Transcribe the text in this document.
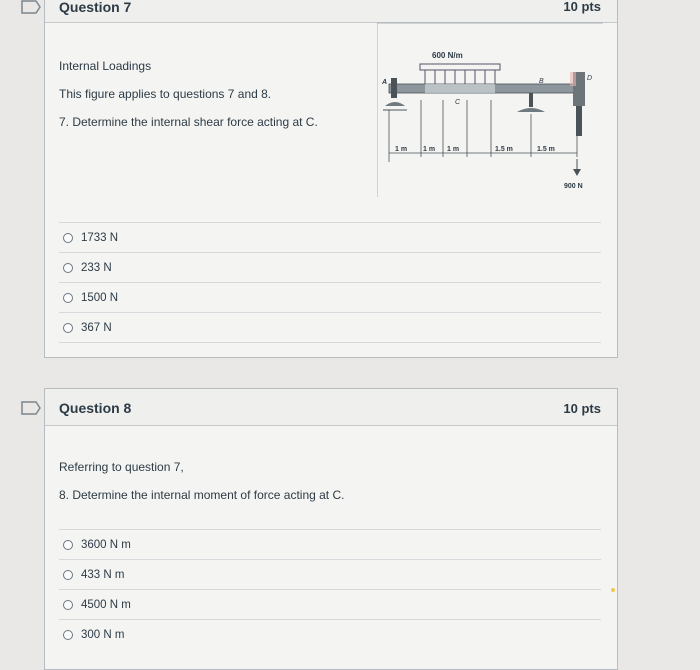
Question 7	10 pts
Internal Loadings
This figure applies to questions 7 and 8.
7. Determine the internal shear force acting at C.
600 N/m
A	B
C
D
1 m 1 m 1 m	1.5 m	1.5 m
900 N
1733 N
233 N
1500 N
367 N
Question 8	10 pts
Referring to question 7,
8. Determine the internal moment of force acting at C.
3600 N m
433 N m
4500 N m
300 N m
